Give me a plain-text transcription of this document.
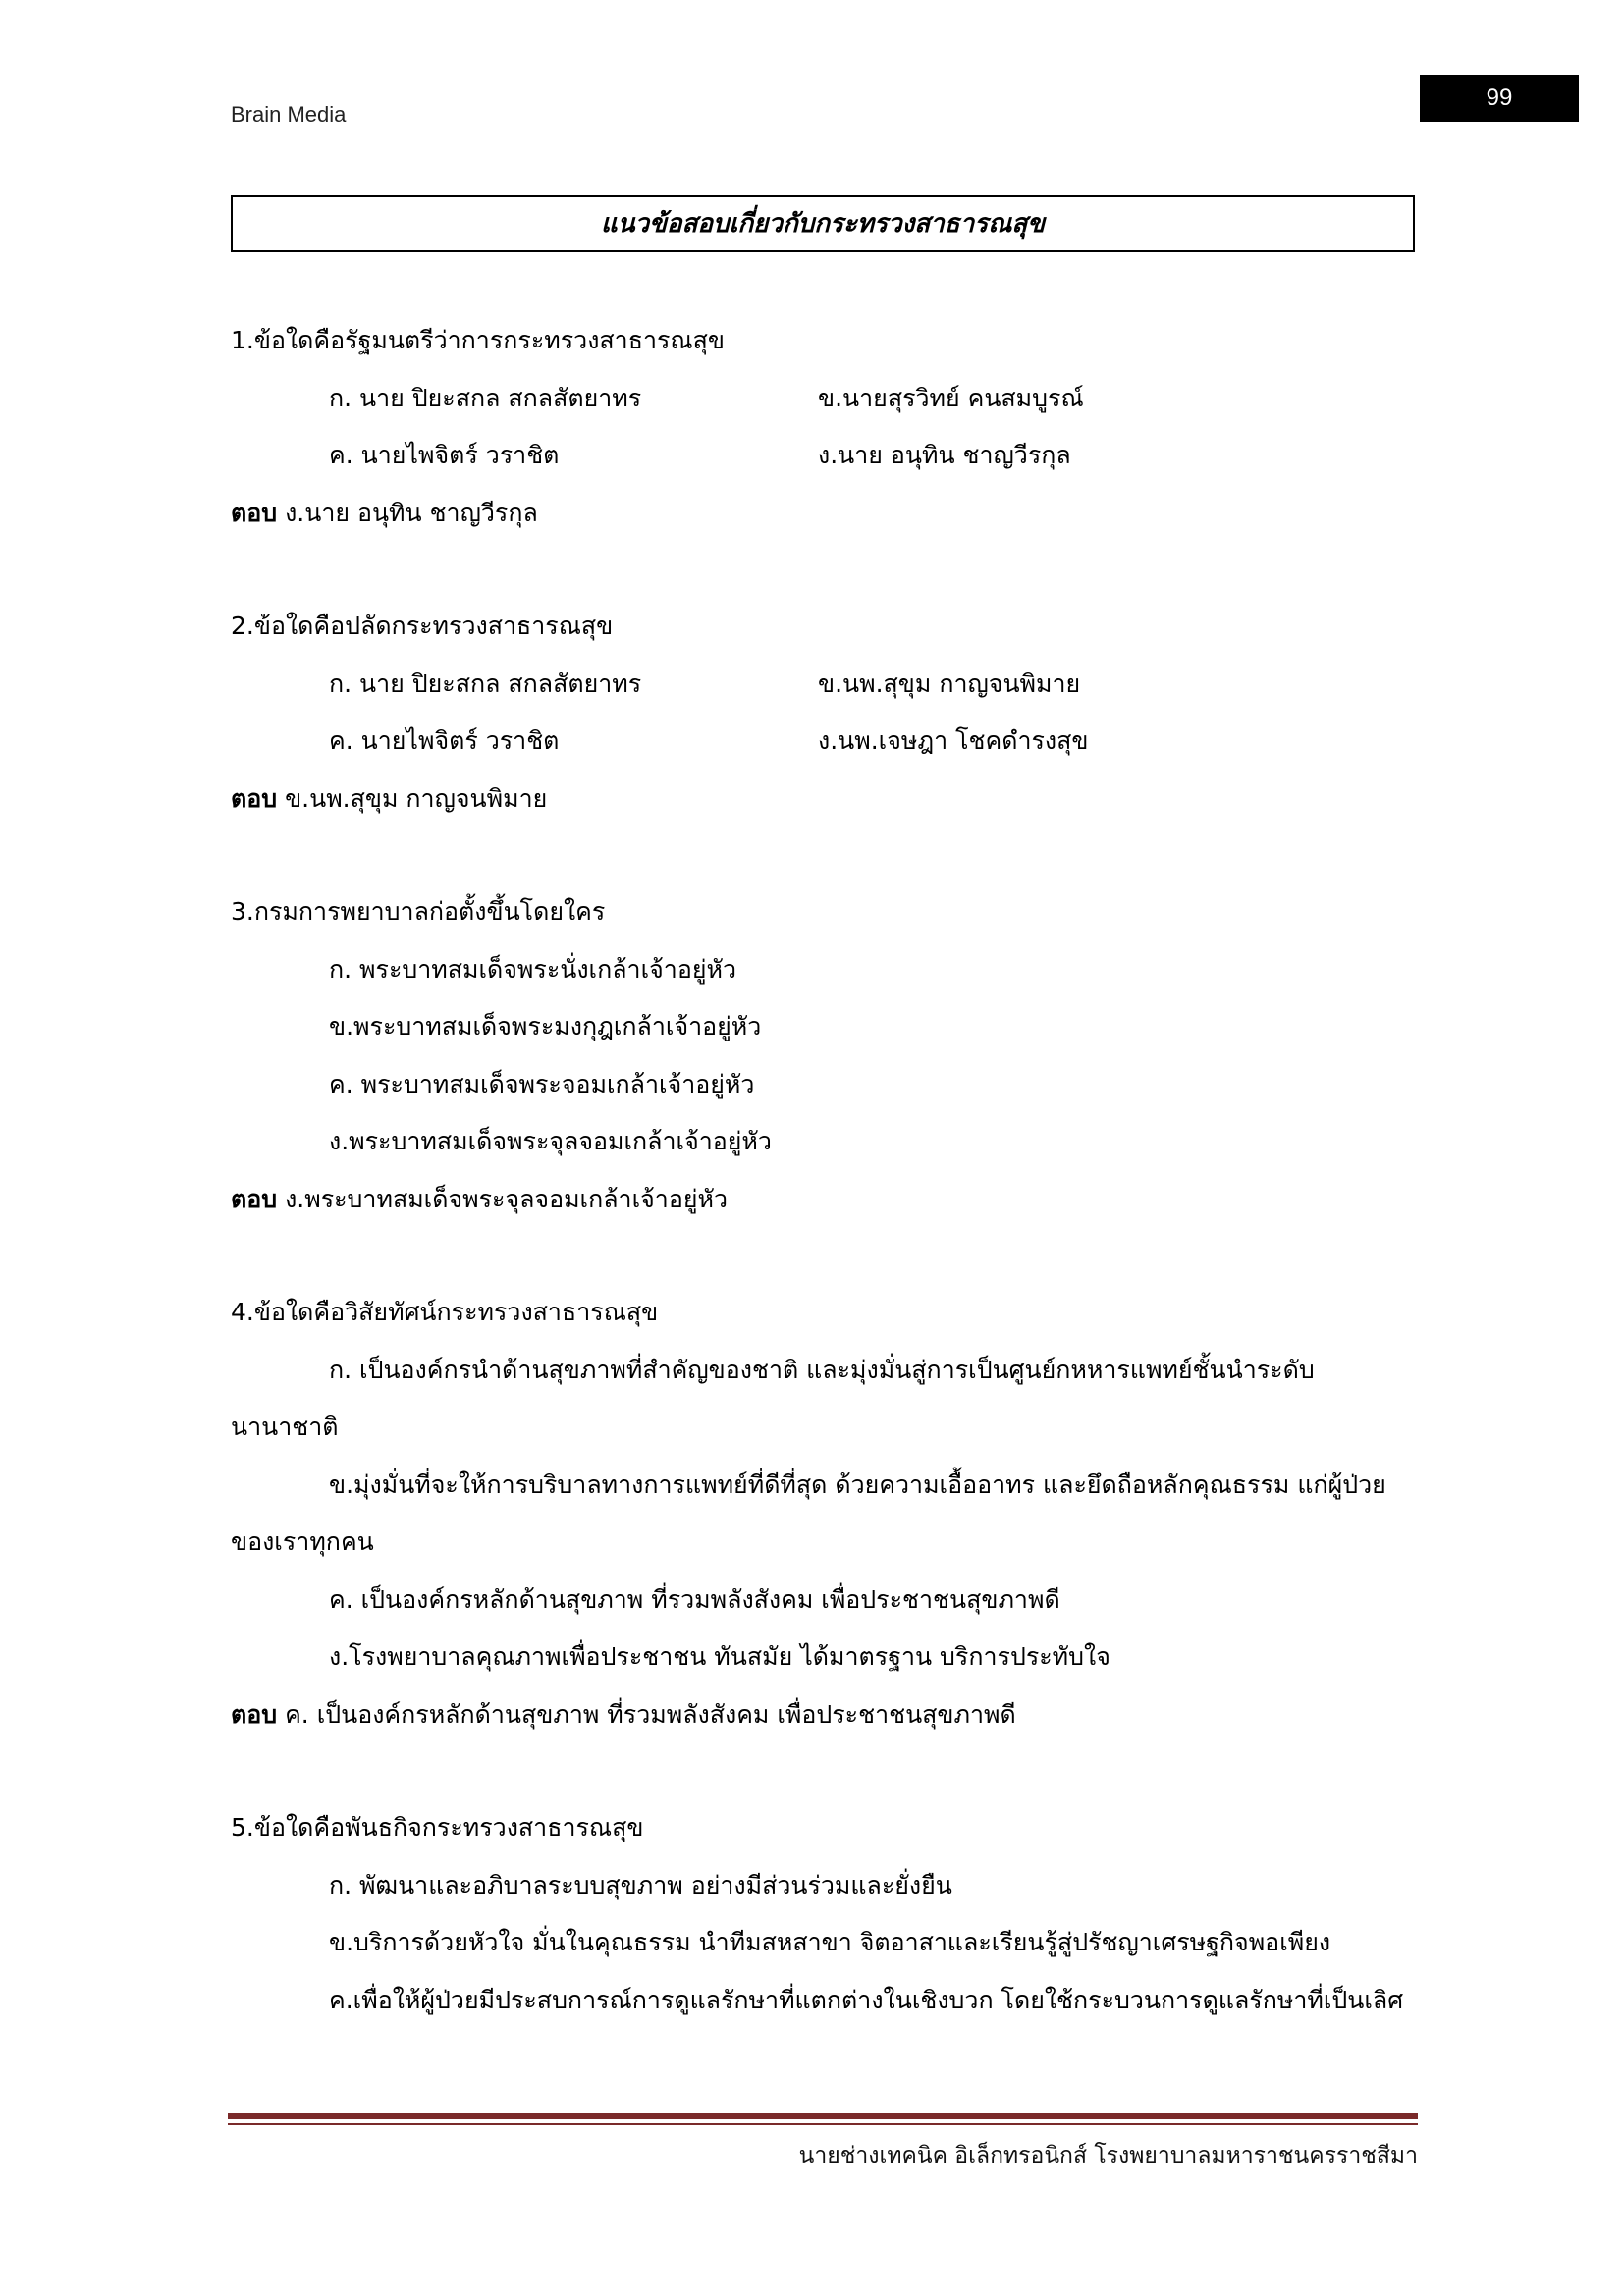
Brain Media
99
แนวข้อสอบเกี่ยวกับกระทรวงสาธารณสุข

1.ข้อใดคือรัฐมนตรีว่าการกระทรวงสาธารณสุข

ก. นาย ปิยะสกล สกลสัตยาทร	ข.นายสุรวิทย์ คนสมบูรณ์
ค. นายไพจิตร์ วราชิต	ง.นาย อนุทิน ชาญวีรกุล

ตอบ ง.นาย อนุทิน ชาญวีรกุล

2.ข้อใดคือปลัดกระทรวงสาธารณสุข

ก. นาย ปิยะสกล สกลสัตยาทร	ข.นพ.สุขุม กาญจนพิมาย
ค. นายไพจิตร์ วราชิต	ง.นพ.เจษฎา โชคดำรงสุข

ตอบ ข.นพ.สุขุม กาญจนพิมาย

3.กรมการพยาบาลก่อตั้งขึ้นโดยใคร

ก. พระบาทสมเด็จพระนั่งเกล้าเจ้าอยู่หัว

ข.พระบาทสมเด็จพระมงกุฎเกล้าเจ้าอยู่หัว

ค. พระบาทสมเด็จพระจอมเกล้าเจ้าอยู่หัว

ง.พระบาทสมเด็จพระจุลจอมเกล้าเจ้าอยู่หัว

ตอบ ง.พระบาทสมเด็จพระจุลจอมเกล้าเจ้าอยู่หัว

4.ข้อใดคือวิสัยทัศน์กระทรวงสาธารณสุข

ก. เป็นองค์กรนำด้านสุขภาพที่สำคัญของชาติ และมุ่งมั่นสู่การเป็นศูนย์กหหารแพทย์ชั้นนำระดับนานาชาติ

ข.มุ่งมั่นที่จะให้การบริบาลทางการแพทย์ที่ดีที่สุด ด้วยความเอื้ออาทร และยึดถือหลักคุณธรรม แก่ผู้ป่วยของเราทุกคน

ค. เป็นองค์กรหลักด้านสุขภาพ ที่รวมพลังสังคม เพื่อประชาชนสุขภาพดี

ง.โรงพยาบาลคุณภาพเพื่อประชาชน ทันสมัย ได้มาตรฐาน บริการประทับใจ

ตอบ ค. เป็นองค์กรหลักด้านสุขภาพ ที่รวมพลังสังคม เพื่อประชาชนสุขภาพดี

5.ข้อใดคือพันธกิจกระทรวงสาธารณสุข

ก. พัฒนาและอภิบาลระบบสุขภาพ อย่างมีส่วนร่วมและยั่งยืน

ข.บริการด้วยหัวใจ มั่นในคุณธรรม นำทีมสหสาขา จิตอาสาและเรียนรู้สู่ปรัชญาเศรษฐกิจพอเพียง

ค.เพื่อให้ผู้ป่วยมีประสบการณ์การดูแลรักษาที่แตกต่างในเชิงบวก โดยใช้กระบวนการดูแลรักษาที่เป็นเลิศ

นายช่างเทคนิค อิเล็กทรอนิกส์ โรงพยาบาลมหาราชนครราชสีมา
